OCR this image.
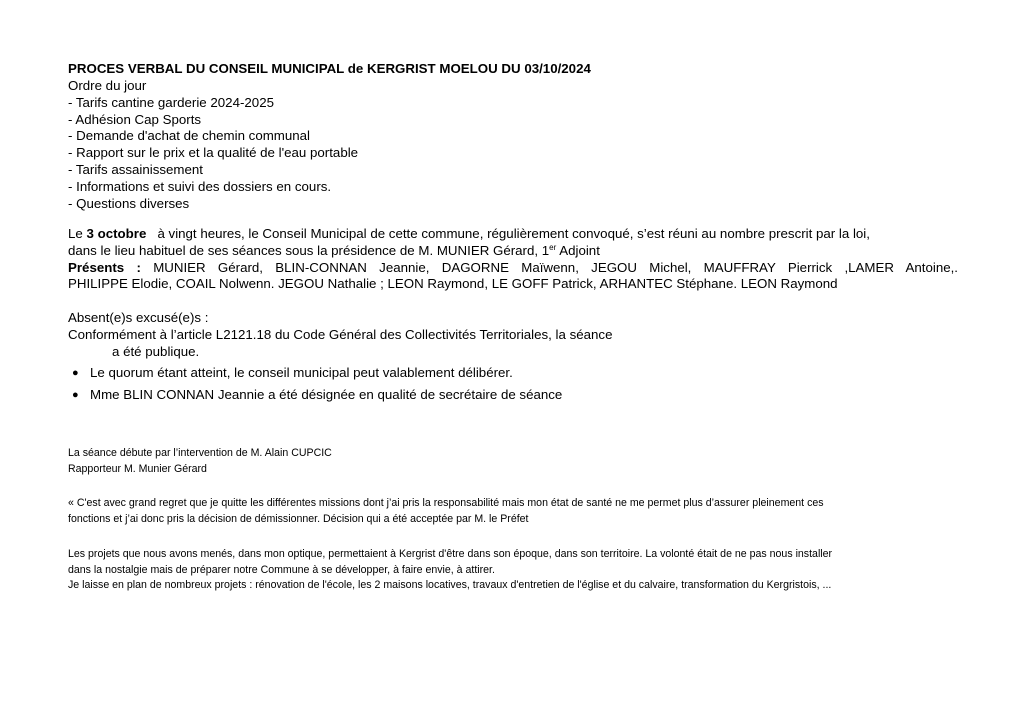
PROCES VERBAL DU CONSEIL MUNICIPAL de KERGRIST MOELOU DU 03/10/2024
Ordre du jour
- Tarifs cantine garderie 2024-2025
- Adhésion Cap Sports
- Demande d'achat de chemin communal
- Rapport sur le prix et la qualité de l'eau portable
- Tarifs assainissement
- Informations et suivi des dossiers en cours.
- Questions diverses
Le 3 octobre à vingt heures, le Conseil Municipal de cette commune, régulièrement convoqué, s’est réuni au nombre prescrit par la loi,
dans le lieu habituel de ses séances sous la présidence de M. MUNIER Gérard, 1er Adjoint
Présents : MUNIER Gérard, BLIN-CONNAN Jeannie, DAGORNE Maïwenn, JEGOU Michel, MAUFFRAY Pierrick ,LAMER Antoine,.
PHILIPPE Elodie, COAIL Nolwenn. JEGOU Nathalie ; LEON Raymond, LE GOFF Patrick, ARHANTEC Stéphane. LEON Raymond
Absent(e)s excusé(e)s :
Conformément à l’article L2121.18 du Code Général des Collectivités Territoriales, la séance
a été publique.
● Le quorum étant atteint, le conseil municipal peut valablement délibérer.
● Mme BLIN CONNAN Jeannie a été désignée en qualité de secrétaire de séance
La séance débute par l’intervention de M. Alain CUPCIC
Rapporteur M. Munier Gérard
« C'est avec grand regret que je quitte les différentes missions dont j’ai pris la responsabilité mais mon état de santé ne me permet plus d’assurer pleinement ces
fonctions et j’ai donc pris la décision de démissionner. Décision qui a été acceptée par M. le Préfet
Les projets que nous avons menés, dans mon optique, permettaient à Kergrist d'être dans son époque, dans son territoire. La volonté était de ne pas nous installer
dans la nostalgie mais de préparer notre Commune à se développer, à faire envie, à attirer.
Je laisse en plan de nombreux projets : rénovation de l'école, les 2 maisons locatives, travaux d'entretien de l'église et du calvaire, transformation du Kergristois, ...
